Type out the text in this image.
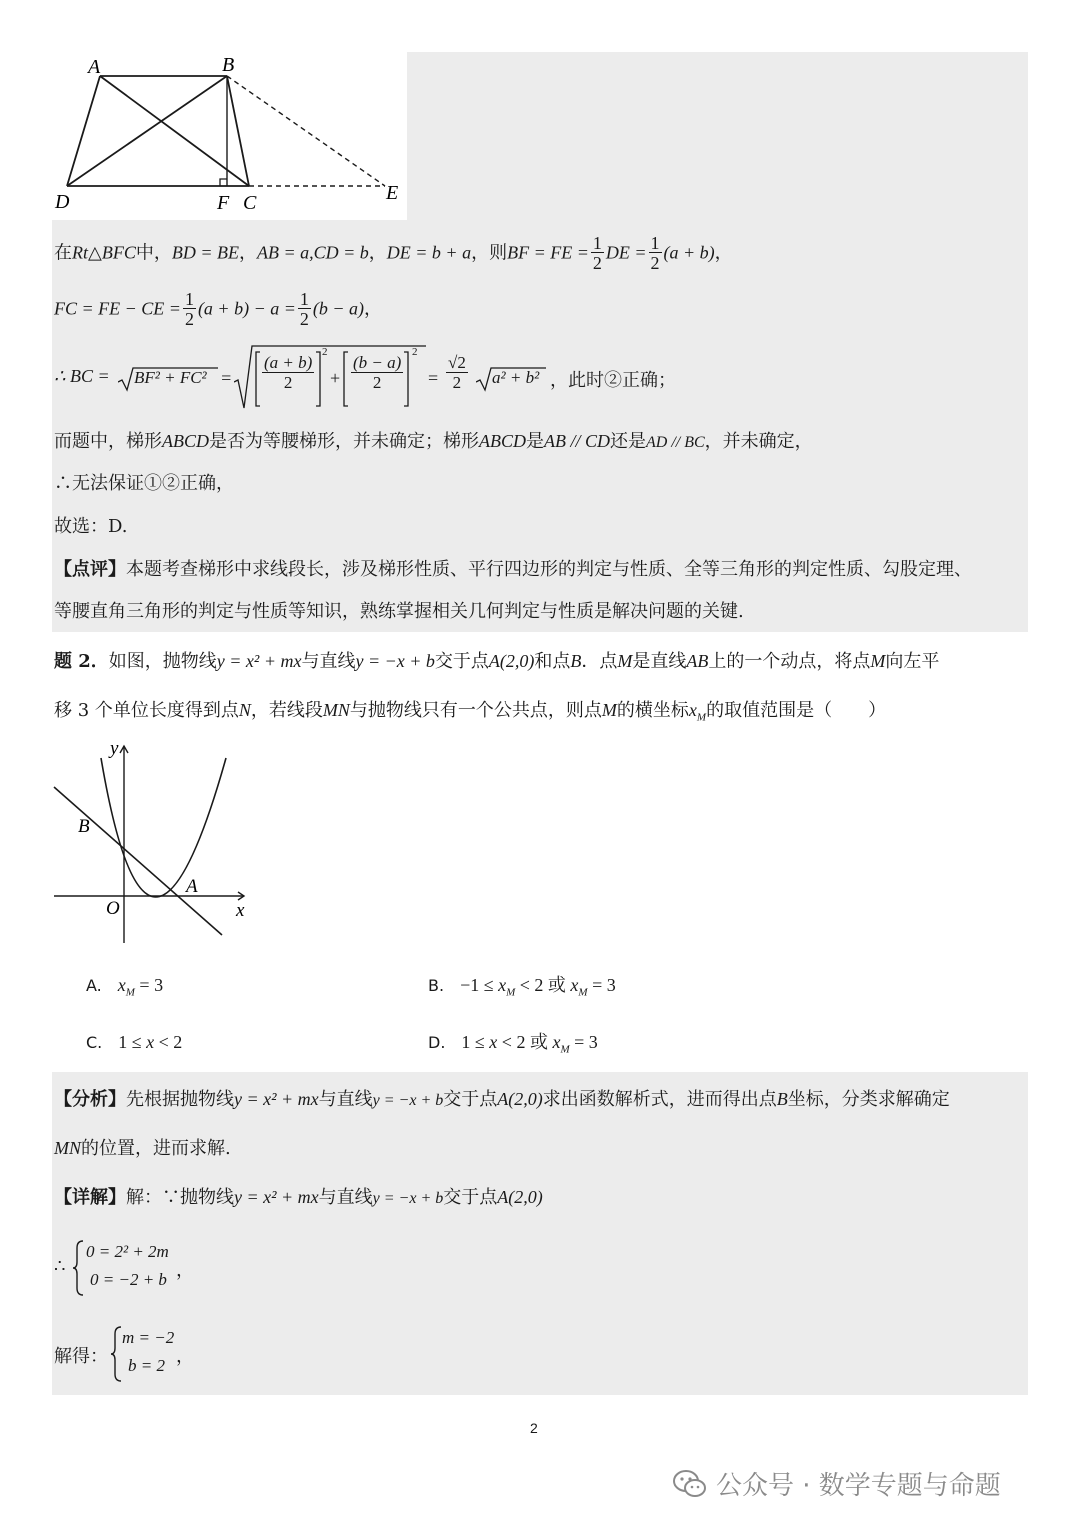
A	B
D	F C	E
在Rt△BFC中，BD = BE，AB = a,CD = b，DE = b + a，则BF = FE = $\frac{1}{2}$ DE = $\frac{1}{2} (a + b)$，
FC = FE − CE = $\frac{1}{2} (a + b) - a = \frac{1}{2} (b - a)$，
∴ BC = $BF^2 + FC^2 = \frac{(a + b)}{2}$
2
+ $\frac{(b - a)}{2}$
2
= $\frac{√2}{2} a^2 + b^2$ ，此时②正确；
而题中，梯形ABCD是否为等腰梯形，并未确定；梯形ABCD是AB // CD还是AD // BC，并未确定，
∴无法保证①②正确，
故选：D.
【点评】本题考查梯形中求线段长，涉及梯形性质、平行四边形的判定与性质、全等三角形的判定性质、勾股定理、
等腰直角三角形的判定与性质等知识，熟练掌握相关几何判定与性质是解决问题的关键.
题 2．如图，抛物线y = x² + mx与直线y = −x + b交于点A(2,0)和点B．点M是直线AB上的一个动点，将点M向左平
移 3 个单位长度得到点N，若线段MN与抛物线只有一个公共点，则点M的横坐标$x_M$的取值范围是（　　）
y
x
O
A
B
A. $x_M = 3$	B. $-1 \le x_M < 2$ 或 $x_M = 3$
C. 1 ≤ x < 2	D. 1 ≤ x < 2 或 $x_M = 3$
【分析】先根据抛物线y = x² + mx与直线y = −x + b交于点A(2,0)求出函数解析式，进而得出点B坐标，分类求解确定
MN的位置，进而求解.
【详解】解：∵抛物线y = x² + mx与直线y = −x + b交于点A(2,0)
∴
0 = 2² + 2m
0 = −2 + b ，
解得：
m = −2
b = 2 ，
2
公众号 · 数学专题与命题
